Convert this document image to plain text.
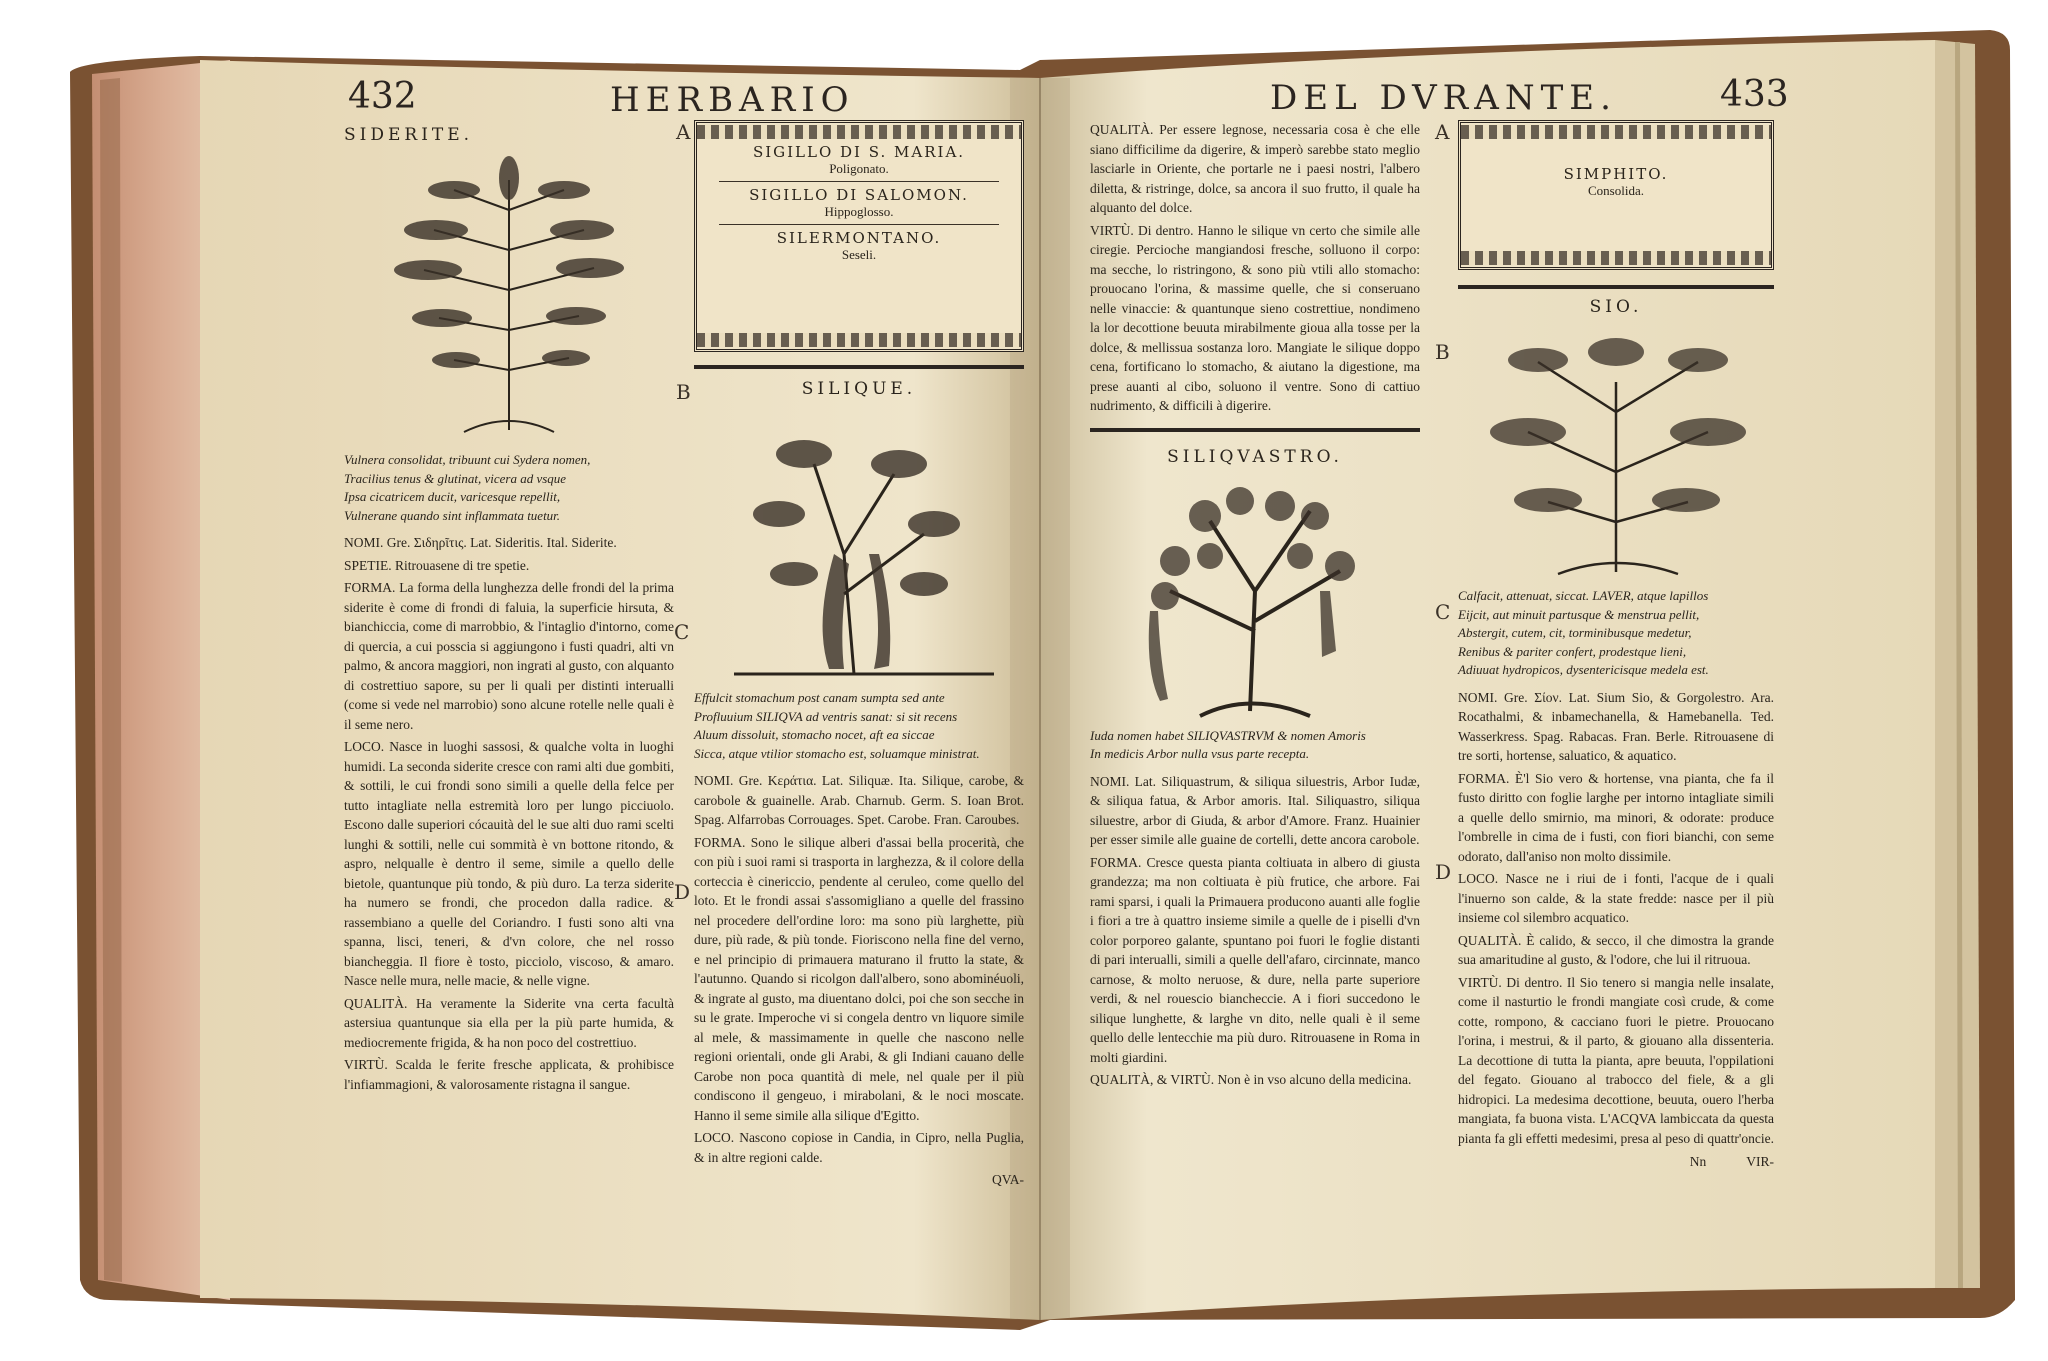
432	HERBARIO
SIDERITE.
Vulnera consolidat, tribuunt cui Sydera nomen,
Tracilius tenus & glutinat, vicera ad vsque
Ipsa cicatricem ducit, varicesque repellit,
Vulnerane quando sint inflammata tuetur.

NOMI. Gre. Σιδηρῖτις. Lat. Sideritis. Ital. Siderite.

SPETIE. Ritrouasene di tre spetie.

FORMA. La forma della lunghezza delle frondi del la prima siderite è come di frondi di faluia, la superficie hirsuta, & bianchiccia, come di marrobbio, & l'intaglio d'intorno, come di quercia, a cui posscia si aggiungono i fusti quadri, alti vn palmo, & ancora maggiori, non ingrati al gusto, con alquanto di costrettiuo sapore, su per li quali per distinti interualli (come si vede nel marrobio) sono alcune rotelle nelle quali è il seme nero.

LOCO. Nasce in luoghi sassosi, & qualche volta in luoghi humidi. La seconda siderite cresce con rami alti due gombiti, & sottili, le cui frondi sono simili a quelle della felce per tutto intagliate nella estremità loro per lungo picciuolo. Escono dalle superiori cócauità del le sue alti duo rami scelti lunghi & sottili, nelle cui sommità è vn bottone ritondo, & aspro, nelqualle è dentro il seme, simile a quello delle bietole, quantunque più tondo, & più duro. La terza siderite ha numero se frondi, che procedon dalla radice. & rassembiano a quelle del Coriandro. I fusti sono alti vna spanna, lisci, teneri, & d'vn colore, che nel rosso biancheggia. Il fiore è tosto, picciolo, viscoso, & amaro. Nasce nelle mura, nelle macie, & nelle vigne.

QUALITÀ. Ha veramente la Siderite vna certa facultà astersiua quantunque sia ella per la più parte humida, & mediocremente frigida, & ha non poco del costrettiuo.

VIRTÙ. Scalda le ferite fresche applicata, & prohibisce l'infiammagioni, & valorosamente ristagna il sangue.

A
B
SIGILLO DI S. MARIA.
Poligonato.
SIGILLO DI SALOMON.
Hippoglosso.
SILERMONTANO.
Seseli.
SILIQUE.
Effulcit stomachum post canam sumpta sed ante
Profluuium SILIQVA ad ventris sanat: si sit recens
Aluum dissoluit, stomacho nocet, aft ea siccae
Sicca, atque vtilior stomacho est, soluamque ministrat.

NOMI. Gre. Κεράτια. Lat. Siliquæ. Ita. Silique, carobe, & carobole & guainelle. Arab. Charnub. Germ. S. Ioan Brot. Spag. Alfarrobas Corrouages. Spet. Carobe. Fran. Caroubes.

FORMA. Sono le silique alberi d'assai bella procerità, che con più i suoi rami si trasporta in larghezza, & il colore della corteccia è cinericcio, pendente al ceruleo, come quello del loto. Et le frondi assai s'assomigliano a quelle del frassino nel procedere dell'ordine loro: ma sono più larghette, più dure, più rade, & più tonde. Fioriscono nella fine del verno, e nel principio di primauera maturano il frutto la state, & l'autunno. Quando si ricolgon dall'albero, sono abominéuoli, & ingrate al gusto, ma diuentano dolci, poi che son secche in su le grate. Imperoche vi si congela dentro vn liquore simile al mele, & massimamente in quelle che nascono nelle regioni orientali, onde gli Arabi, & gli Indiani cauano delle Carobe non poca quantità di mele, nel quale per il più condiscono il gengeuo, i mirabolani, & le noci moscate. Hanno il seme simile alla silique d'Egitto.

LOCO. Nascono copiose in Candia, in Cipro, nella Puglia, & in altre regioni calde.

QVA-
C
D
DEL DVRANTE.	433

QUALITÀ. Per essere legnose, necessaria cosa è che elle siano difficilime da digerire, & imperò sarebbe stato meglio lasciarle in Oriente, che portarle ne i paesi nostri, l'albero diletta, & ristringe, dolce, sa ancora il suo frutto, il quale ha alquanto del dolce.

VIRTÙ. Di dentro. Hanno le silique vn certo che simile alle ciregie. Percioche mangiandosi fresche, solluono il corpo: ma secche, lo ristringono, & sono più vtili allo stomacho: prouocano l'orina, & massime quelle, che si conseruano nelle vinaccie: & quantunque sieno costrettiue, nondimeno la lor decottione beuuta mirabilmente gioua alla tosse per la dolce, & mellissua sostanza loro. Mangiate le silique doppo cena, fortificano lo stomacho, & aiutano la digestione, ma prese auanti al cibo, soluono il ventre. Sono di cattiuo nudrimento, & difficili à digerire.

SILIQVASTRO.
Iuda nomen habet SILIQVASTRVM & nomen Amoris
In medicis Arbor nulla vsus parte recepta.

NOMI. Lat. Siliquastrum, & siliqua siluestris, Arbor Iudæ, & siliqua fatua, & Arbor amoris. Ital. Siliquastro, siliqua siluestre, arbor di Giuda, & arbor d'Amore. Franz. Huainier per esser simile alle guaine de cortelli, dette ancora carobole.

FORMA. Cresce questa pianta coltiuata in albero di giusta grandezza; ma non coltiuata è più frutice, che arbore. Fai rami sparsi, i quali la Primauera producono auanti alle foglie i fiori a tre à quattro insieme simile a quelle de i piselli d'vn color porporeo galante, spuntano poi fuori le foglie distanti di pari interualli, simili a quelle dell'afaro, circinnate, manco carnose, & molto neruose, & dure, nella parte superiore verdi, & nel rouescio biancheccie. A i fiori succedono le silique lunghette, & larghe vn dito, nelle quali è il seme quello delle lentecchie ma più duro. Ritrouasene in Roma in molti giardini.

QUALITÀ, & VIRTÙ. Non è in vso alcuno della medicina.

A
B
C
D
SIMPHITO.
Consolida.
SIO.
Calfacit, attenuat, siccat. LAVER, atque lapillos
Eijcit, aut minuit partusque & menstrua pellit,
Abstergit, cutem, cit, torminibusque medetur,
Renibus & pariter confert, prodestque lieni,
Adiuuat hydropicos, dysentericisque medela est.

NOMI. Gre. Σίον. Lat. Sium Sio, & Gorgolestro. Ara. Rocathalmi, & inbamechanella, & Hamebanella. Ted. Wasserkress. Spag. Rabacas. Fran. Berle. Ritrouasene di tre sorti, hortense, saluatico, & aquatico.

FORMA. È'l Sio vero & hortense, vna pianta, che fa il fusto diritto con foglie larghe per intorno intagliate simili a quelle dello smirnio, ma minori, & odorate: produce l'ombrelle in cima de i fusti, con fiori bianchi, con seme odorato, dall'aniso non molto dissimile.

LOCO. Nasce ne i riui de i fonti, l'acque de i quali l'inuerno son calde, & la state fredde: nasce per il più insieme col silembro acquatico.

QUALITÀ. È calido, & secco, il che dimostra la grande sua amaritudine al gusto, & l'odore, che lui il ritruoua.

VIRTÙ. Di dentro. Il Sio tenero si mangia nelle insalate, come il nasturtio le frondi mangiate così crude, & come cotte, rompono, & cacciano fuori le pietre. Prouocano l'orina, i mestrui, & il parto, & giouano alla dissenteria. La decottione di tutta la pianta, apre beuuta, l'oppilationi del fegato. Giouano al trabocco del fiele, & a gli hidropici. La medesima decottione, beuuta, ouero l'herba mangiata, fa buona vista. L'ACQVA lambiccata da questa pianta fa gli effetti medesimi, presa al peso di quattr'oncie.

Nn	VIR-
